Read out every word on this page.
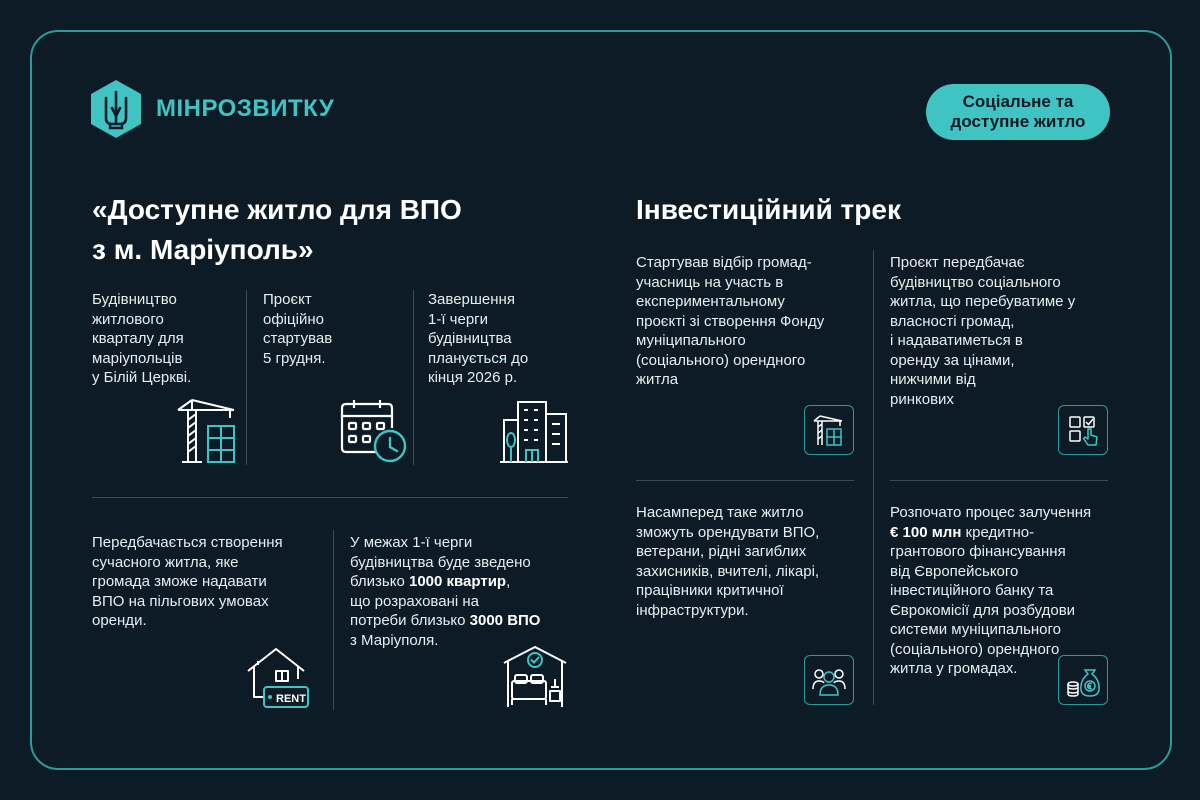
МІНРОЗВИТКУ	Соціальне та
доступне житло
«Доступне житло для ВПО
з м. Маріуполь»
Інвестиційний трек
Будівництво
житлового
кварталу для
маріупольців
у Білій Церкві.
Проєкт
офіційно
стартував
5 грудня.
Завершення
1-ї черги
будівництва
планується до
кінця 2026 р.
Передбачається створення
сучасного житла, яке
громада зможе надавати
ВПО на пільгових умовах
оренди.
У межах 1-ї черги
будівництва буде зведено
близько 1000 квартир,
що розраховані на
потреби близько 3000 ВПО
з Маріуполя.
RENT
Стартував відбір громад-
учасниць на участь в
експериментальному
проєкті зі створення Фонду
муніципального
(соціального) орендного
житла
Проєкт передбачає
будівництво соціального
житла, що перебуватиме у
власності громад,
і надаватиметься в
оренду за цінами,
нижчими від
ринкових
Насамперед таке житло
зможуть орендувати ВПО,
ветерани, рідні загиблих
захисників, вчителі, лікарі,
працівники критичної
інфраструктури.
Розпочато процес залучення
€ 100 млн кредитно-
грантового фінансування
від Європейського
інвестиційного банку та
Єврокомісії для розбудови
системи муніципального
(соціального) орендного
житла у громадах.
